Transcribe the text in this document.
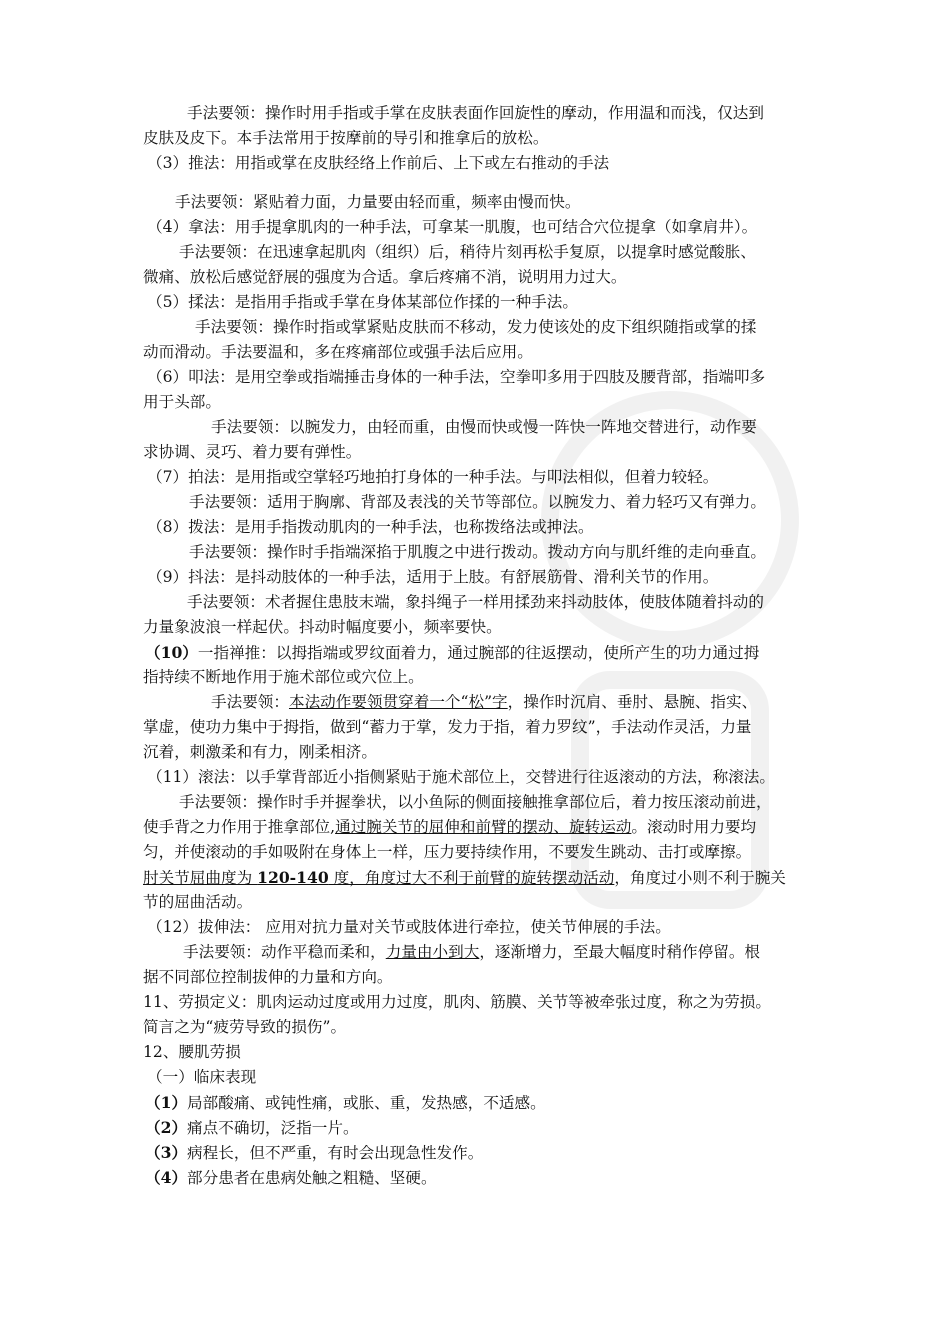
手法要领：操作时用手指或手掌在皮肤表面作回旋性的摩动，作用温和而浅，仅达到
皮肤及皮下。本手法常用于按摩前的导引和推拿后的放松。
（3）推法：用指或掌在皮肤经络上作前后、上下或左右推动的手法
手法要领：紧贴着力面，力量要由轻而重，频率由慢而快。
（4）拿法：用手提拿肌肉的一种手法，可拿某一肌腹，也可结合穴位提拿（如拿肩井）。
手法要领：在迅速拿起肌肉（组织）后，稍待片刻再松手复原，以提拿时感觉酸胀、
微痛、放松后感觉舒展的强度为合适。拿后疼痛不消，说明用力过大。
（5）揉法：是指用手指或手掌在身体某部位作揉的一种手法。
手法要领：操作时指或掌紧贴皮肤而不移动，发力使该处的皮下组织随指或掌的揉
动而滑动。手法要温和，多在疼痛部位或强手法后应用。
（6）叩法：是用空拳或指端捶击身体的一种手法，空拳叩多用于四肢及腰背部，指端叩多
用于头部。
手法要领：以腕发力，由轻而重，由慢而快或慢一阵快一阵地交替进行，动作要
求协调、灵巧、着力要有弹性。
（7）拍法：是用指或空掌轻巧地拍打身体的一种手法。与叩法相似，但着力较轻。
手法要领：适用于胸廓、背部及表浅的关节等部位。以腕发力、着力轻巧又有弹力。
（8）拨法：是用手指拨动肌肉的一种手法，也称拨络法或抻法。
手法要领：操作时手指端深掐于肌腹之中进行拨动。拨动方向与肌纤维的走向垂直。
（9）抖法：是抖动肢体的一种手法，适用于上肢。有舒展筋骨、滑利关节的作用。
手法要领：术者握住患肢末端，象抖绳子一样用揉劲来抖动肢体，使肢体随着抖动的
力量象波浪一样起伏。抖动时幅度要小，频率要快。
（10）一指禅推：以拇指端或罗纹面着力，通过腕部的往返摆动，使所产生的功力通过拇
指持续不断地作用于施术部位或穴位上。
手法要领：本法动作要领贯穿着一个“松”字，操作时沉肩、垂肘、悬腕、指实、
掌虚，使功力集中于拇指，做到“蓄力于掌，发力于指，着力罗纹”，手法动作灵活，力量
沉着，刺激柔和有力，刚柔相济。
（11）滚法：以手掌背部近小指侧紧贴于施术部位上，交替进行往返滚动的方法，称滚法。
手法要领：操作时手并握拳状，以小鱼际的侧面接触推拿部位后，着力按压滚动前进，
使手背之力作用于推拿部位,通过腕关节的屈伸和前臂的摆动、旋转运动。滚动时用力要均
匀，并使滚动的手如吸附在身体上一样，压力要持续作用，不要发生跳动、击打或摩擦。
肘关节屈曲度为 120-140 度，角度过大不利于前臂的旋转摆动活动，角度过小则不利于腕关
节的屈曲活动。
（12）拔伸法： 应用对抗力量对关节或肢体进行牵拉，使关节伸展的手法。
手法要领：动作平稳而柔和，力量由小到大，逐渐增力，至最大幅度时稍作停留。根
据不同部位控制拔伸的力量和方向。
11、劳损定义：肌肉运动过度或用力过度，肌肉、筋膜、关节等被牵张过度，称之为劳损。
简言之为“疲劳导致的损伤”。
12、腰肌劳损
（一）临床表现
（1）局部酸痛、或钝性痛，或胀、重，发热感，不适感。
（2）痛点不确切，泛指一片。
（3）病程长，但不严重，有时会出现急性发作。
（4）部分患者在患病处触之粗糙、坚硬。
